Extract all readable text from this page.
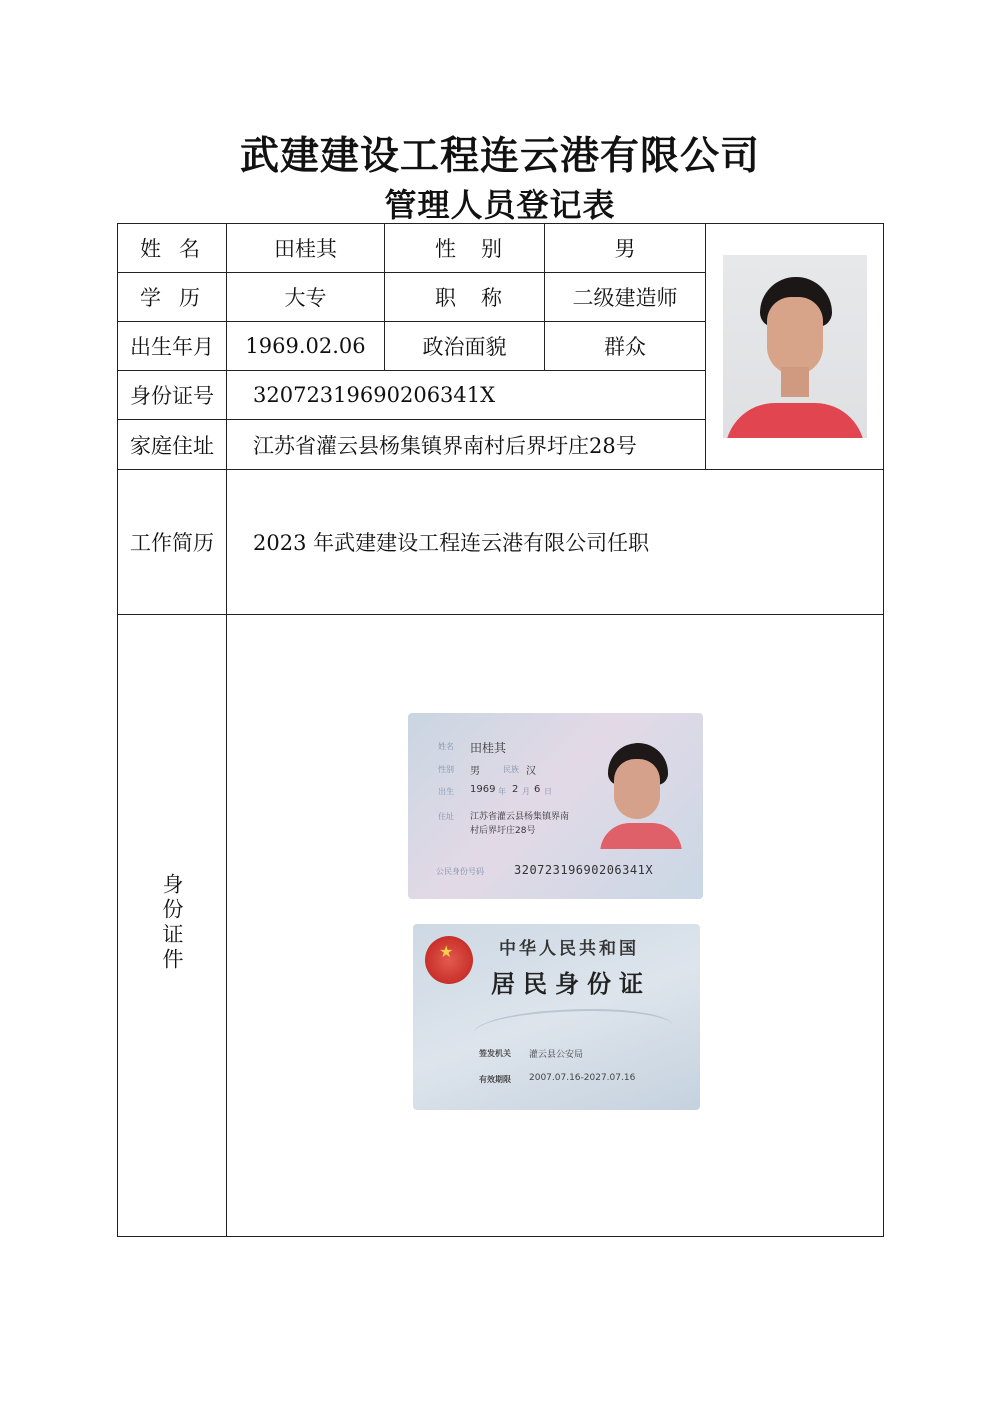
武建建设工程连云港有限公司
管理人员登记表
姓 名	田桂其	性 别	男	

学 历	大专	职 称	二级建造师	
出生年月	1969.02.06	政治面貌	群众	
身份证号	32072319690206341X			
家庭住址	江苏省灌云县杨集镇界南村后界圩庄28号			
工作简历	2023 年武建建设工程连云港有限公司任职			
身份证件				
姓名 田桂其
性别 男	民族 汉
出生 1969 年 2 月 6 日
住址 江苏省灌云县杨集镇界南
村后界圩庄28号
公民身份号码	32072319690206341X
★
中华人民共和国
居民身份证
签发机关 灌云县公安局
有效期限 2007.07.16-2027.07.16
